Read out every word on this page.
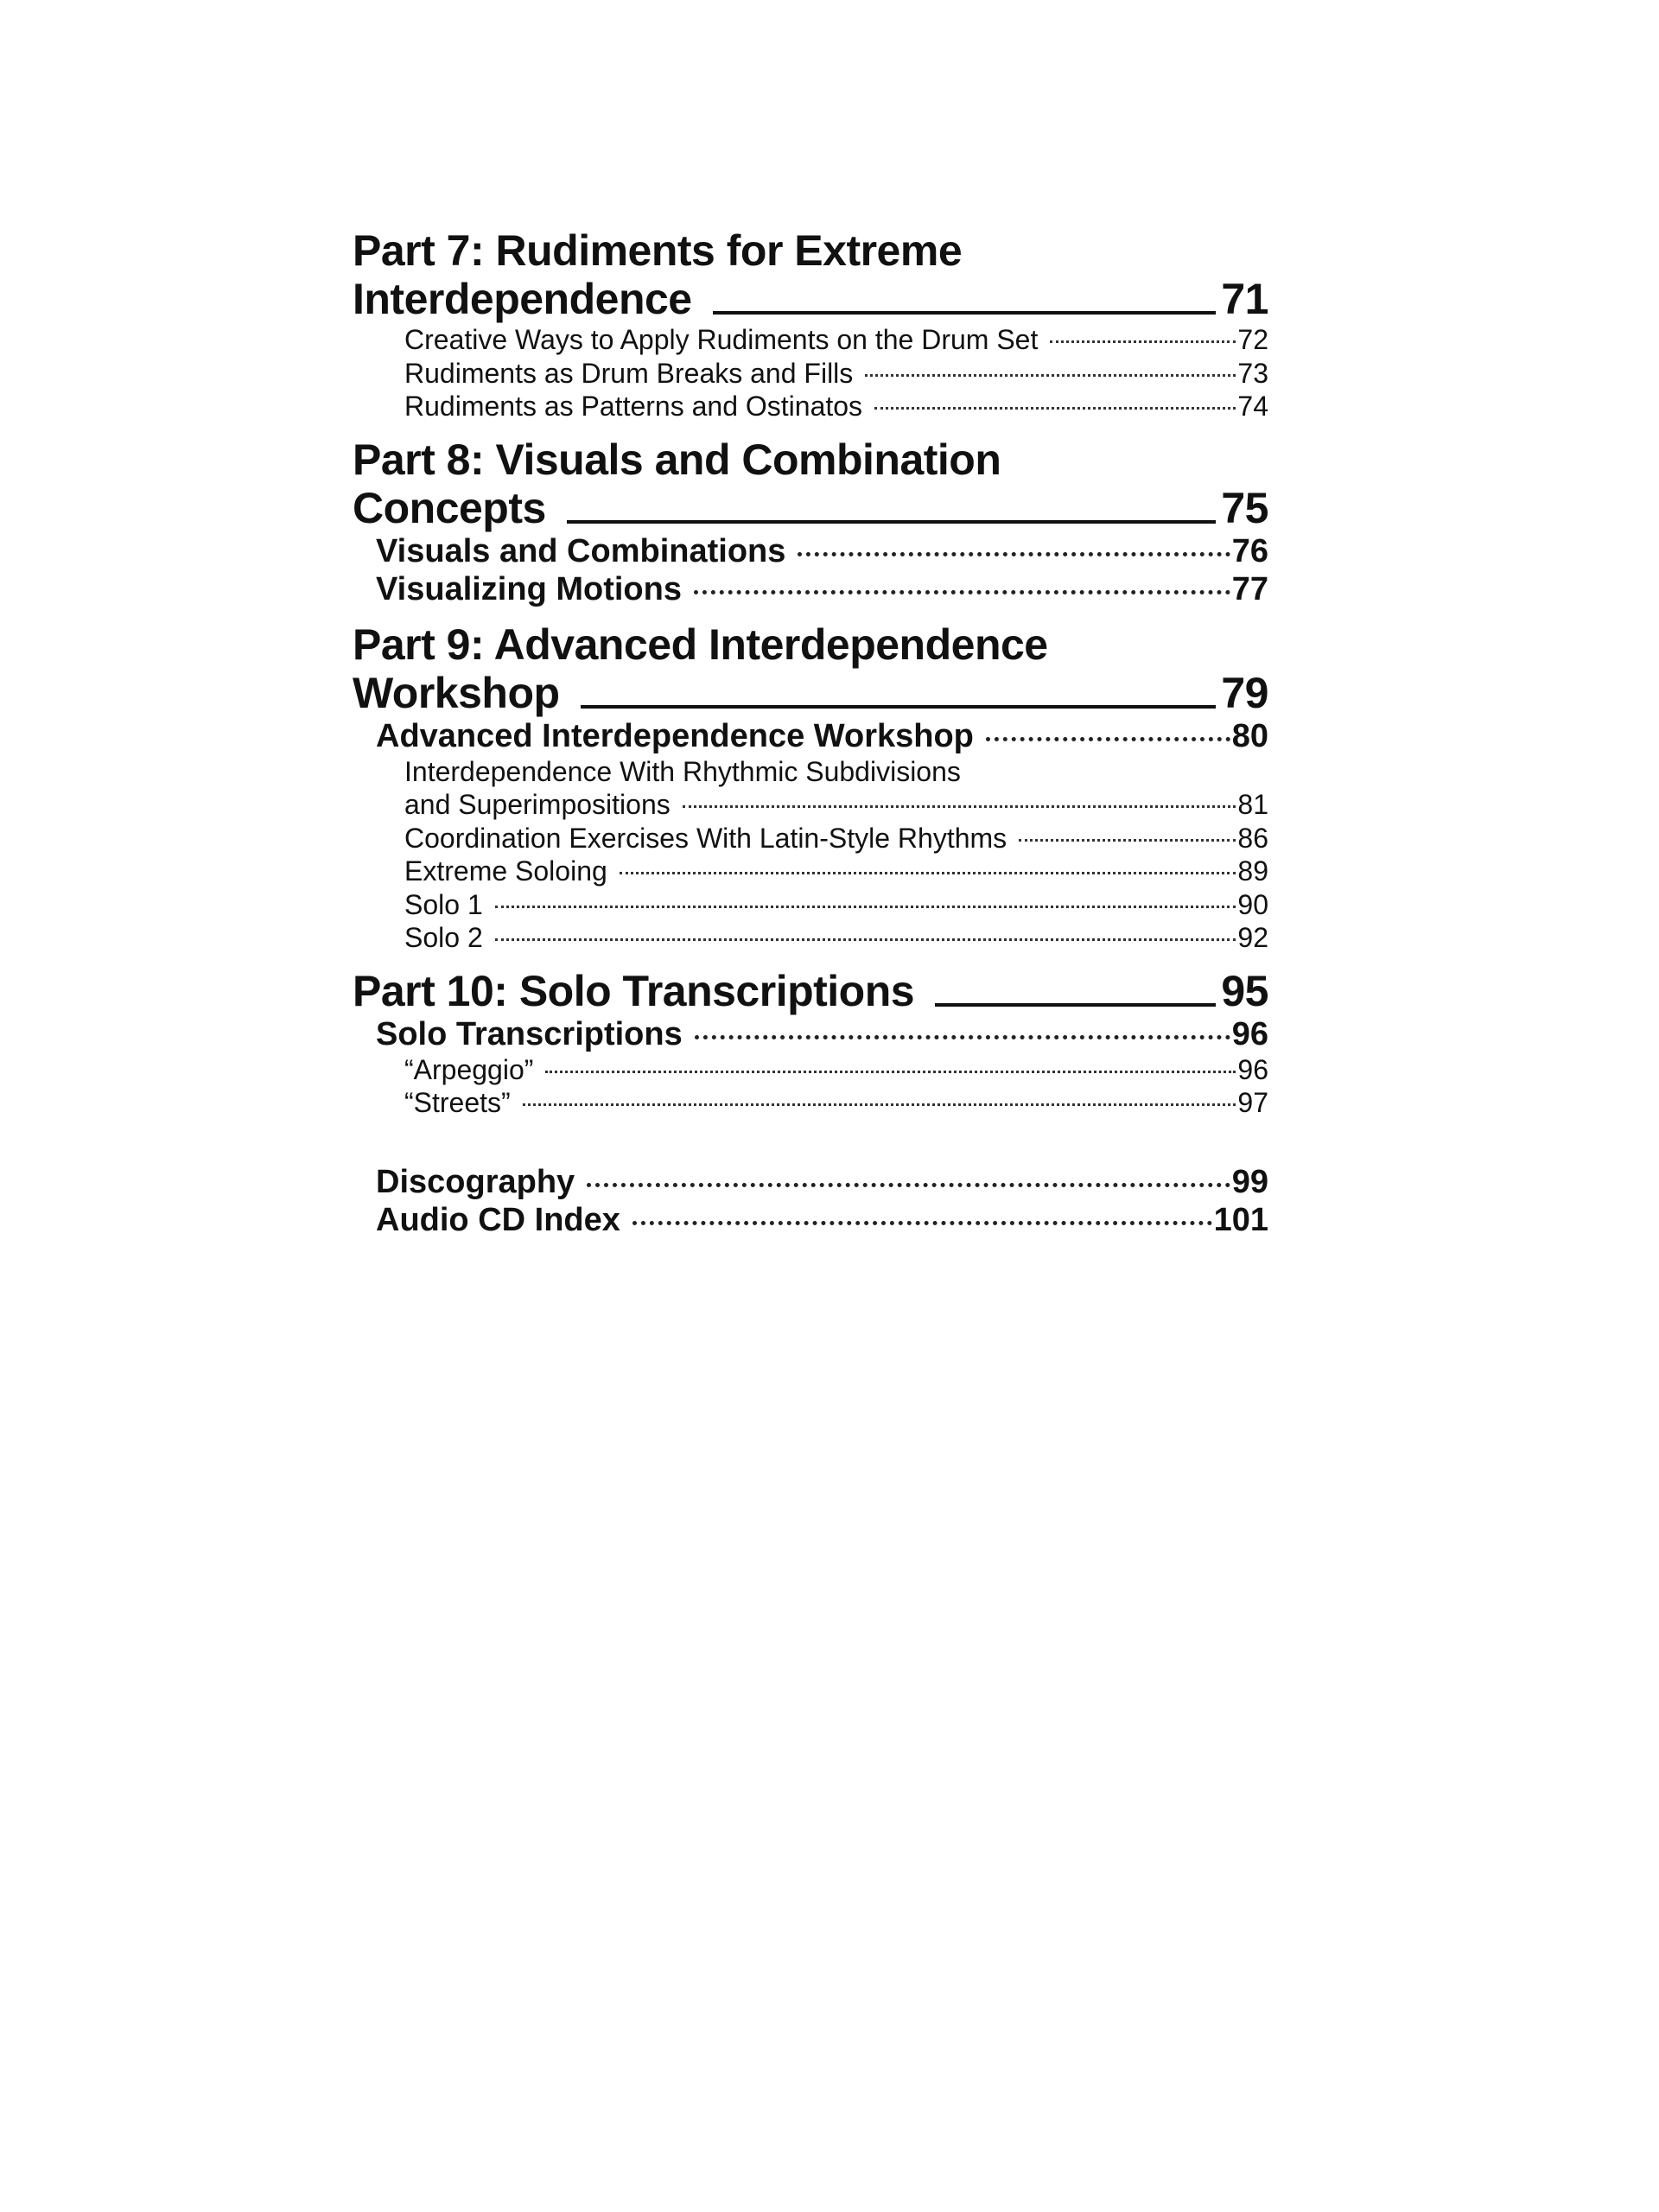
Part 7: Rudiments for Extreme
Interdependence	71
Creative Ways to Apply Rudiments on the Drum Set	72
Rudiments as Drum Breaks and Fills	73
Rudiments as Patterns and Ostinatos	74
Part 8: Visuals and Combination
Concepts	75
Visuals and Combinations	76
Visualizing Motions	77
Part 9: Advanced Interdependence
Workshop	79
Advanced Interdependence Workshop	80
Interdependence With Rhythmic Subdivisions
and Superimpositions	81
Coordination Exercises With Latin-Style Rhythms	86
Extreme Soloing	89
Solo 1	90
Solo 2	92
Part 10: Solo Transcriptions	95
Solo Transcriptions	96
“Arpeggio”	96
“Streets”	97
Discography	99
Audio CD Index	101
